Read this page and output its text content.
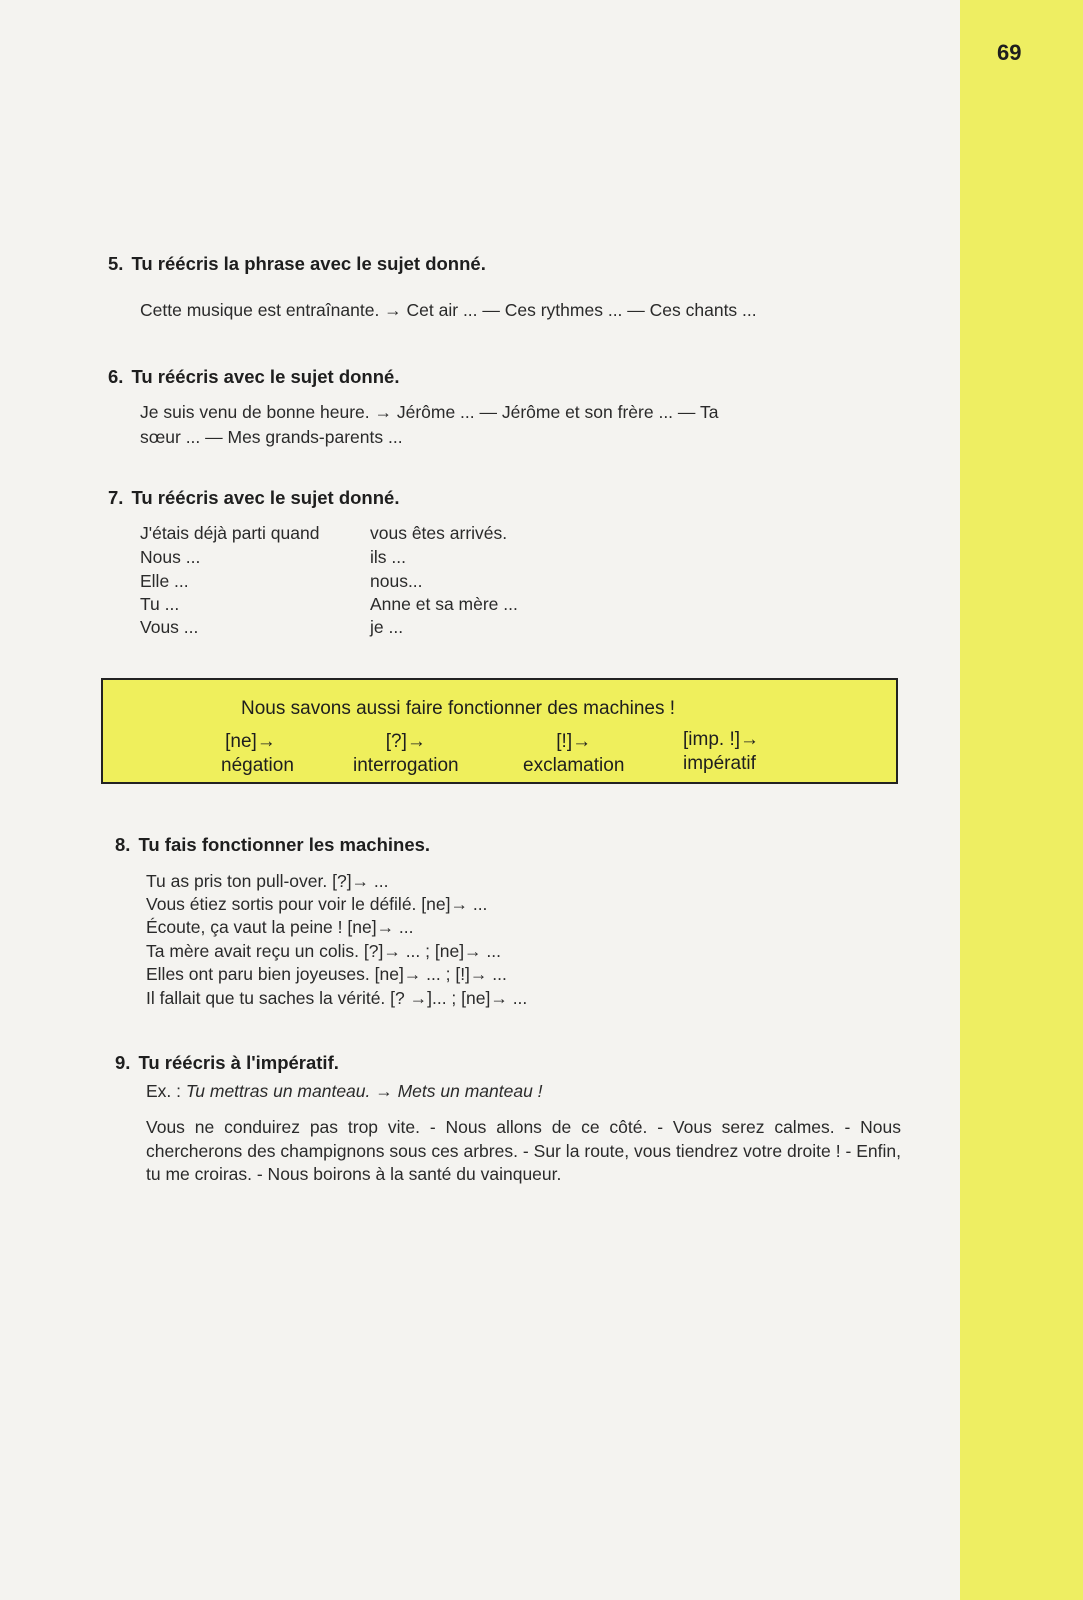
69
5. Tu réécris la phrase avec le sujet donné.
Cette musique est entraînante. → Cet air ... — Ces rythmes ... — Ces chants ...
6. Tu réécris avec le sujet donné.
Je suis venu de bonne heure. → Jérôme ... — Jérôme et son frère ... — Ta
sœur ... — Mes grands-parents ...
7. Tu réécris avec le sujet donné.
J'étais déjà parti quand
Nous ...
Elle ...
Tu ...
Vous ...
vous êtes arrivés.
ils ...
nous...
Anne et sa mère ...
je ...
Nous savons aussi faire fonctionner des machines !
[ne]→
négation
[?]→
interrogation
[!]→
exclamation
[imp. !]→
impératif
8. Tu fais fonctionner les machines.
Tu as pris ton pull-over. [?]→ ...
Vous étiez sortis pour voir le défilé. [ne]→ ...
Écoute, ça vaut la peine ! [ne]→ ...
Ta mère avait reçu un colis. [?]→ ... ; [ne]→ ...
Elles ont paru bien joyeuses. [ne]→ ... ; [!]→ ...
Il fallait que tu saches la vérité. [? →]... ; [ne]→ ...
9. Tu réécris à l'impératif.
Ex. : Tu mettras un manteau. → Mets un manteau !
Vous ne conduirez pas trop vite. - Nous allons de ce côté. - Vous serez calmes. - Nous chercherons des champignons sous ces arbres. - Sur la route, vous tiendrez votre droite ! - Enfin, tu me croiras. - Nous boirons à la santé du vainqueur.
